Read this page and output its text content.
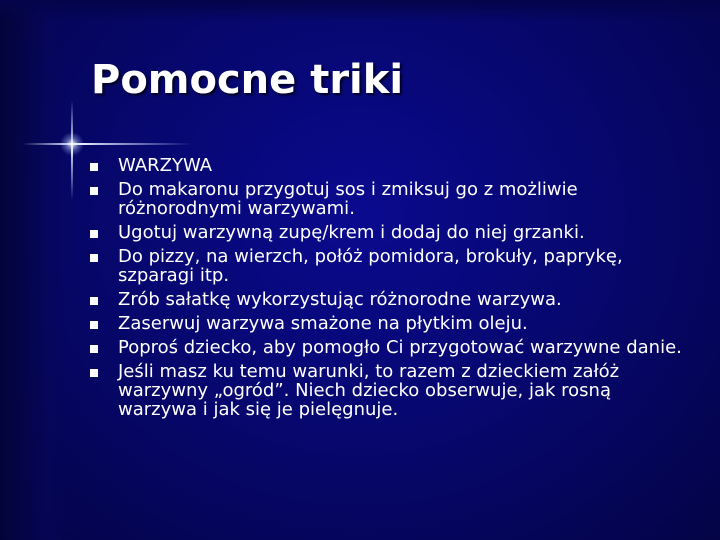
Pomocne triki
WARZYWA
Do makaronu przygotuj sos i zmiksuj go z możliwie różnorodnymi warzywami.
Ugotuj warzywną zupę/krem i dodaj do niej grzanki.
Do pizzy, na wierzch, połóż pomidora, brokuły, paprykę, szparagi itp.
Zrób sałatkę wykorzystując różnorodne warzywa.
Zaserwuj warzywa smażone na płytkim oleju.
Poproś dziecko, aby pomogło Ci przygotować warzywne danie.
Jeśli masz ku temu warunki, to razem z dzieckiem załóż warzywny „ogród”. Niech dziecko obserwuje, jak rosną warzywa i jak się je pielęgnuje.
